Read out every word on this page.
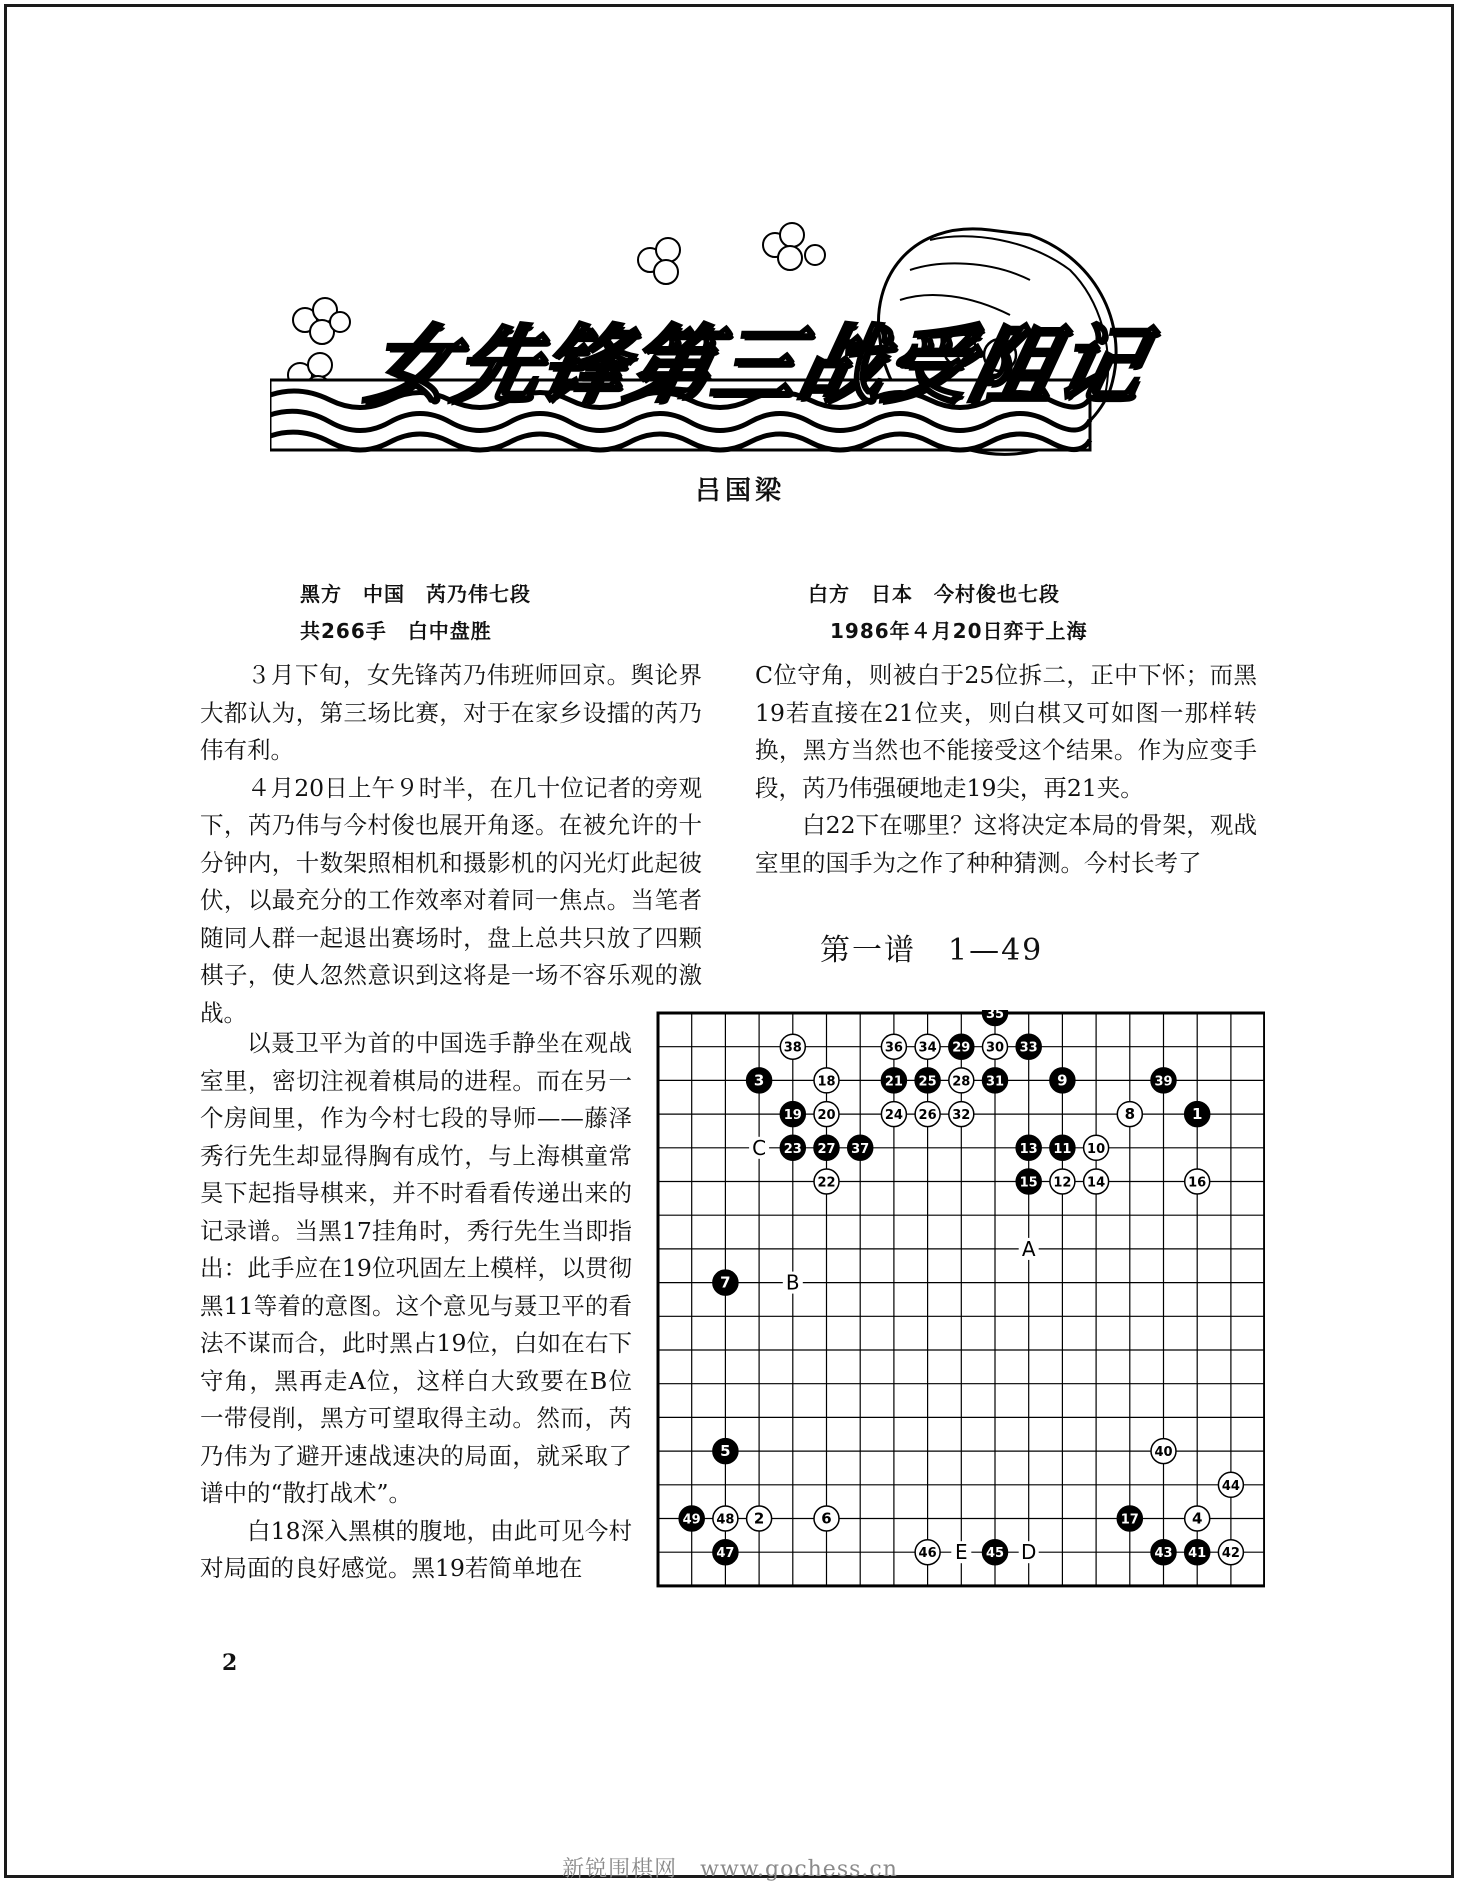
女先锋第三战受阻记
吕国梁
黑方　中国　芮乃伟七段
共266手　白中盘胜
白方　日本　今村俊也七段
1986年４月20日弈于上海

３月下旬，女先锋芮乃伟班师回京。舆论界大都认为，第三场比赛，对于在家乡设擂的芮乃伟有利。

４月20日上午９时半，在几十位记者的旁观下，芮乃伟与今村俊也展开角逐。在被允许的十分钟内，十数架照相机和摄影机的闪光灯此起彼伏，以最充分的工作效率对着同一焦点。当笔者随同人群一起退出赛场时，盘上总共只放了四颗棋子，使人忽然意识到这将是一场不容乐观的激战。

以聂卫平为首的中国选手静坐在观战室里，密切注视着棋局的进程。而在另一个房间里，作为今村七段的导师——藤泽秀行先生却显得胸有成竹，与上海棋童常昊下起指导棋来，并不时看看传递出来的记录谱。当黑17挂角时，秀行先生当即指出：此手应在19位巩固左上模样，以贯彻黑11等着的意图。这个意见与聂卫平的看法不谋而合，此时黑占19位，白如在右下守角，黑再走A位，这样白大致要在B位一带侵削，黑方可望取得主动。然而，芮乃伟为了避开速战速决的局面，就采取了谱中的“散打战术”。

白18深入黑棋的腹地，由此可见今村对局面的良好感觉。黑19若简单地在

C位守角，则被白于25位拆二，正中下怀；而黑19若直接在21位夹，则白棋又可如图一那样转换，黑方当然也不能接受这个结果。作为应变手段，芮乃伟强硬地走19尖，再21夹。

白22下在哪里？这将决定本局的骨架，观战室里的国手为之作了种种猜测。今村长考了

第一谱　1—49
35
36 34 29 30 33
38
3	18	21 25 28 31	9	39
19 20	24 26 32	8	1
23 27 37	13 11 10
22	15 12 14	16
7
40
5
44
49 48 2	6	17	4
47	46	45	43 41 42
A
B
C
D
E
2
新锐围棋网　www.gochess.cn
